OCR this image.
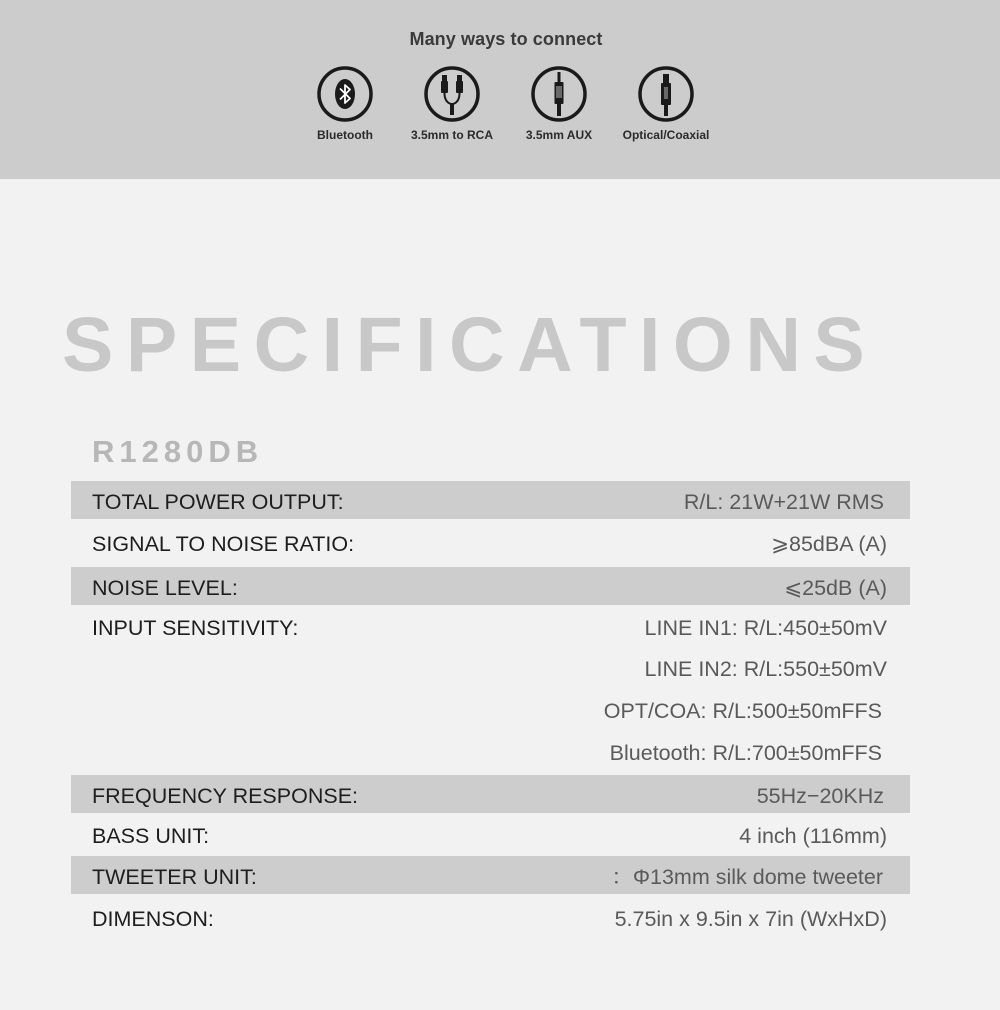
Many ways to connect
Bluetooth	3.5mm to RCA	3.5mm AUX	Optical/Coaxial
SPECIFICATIONS
R1280DB
TOTAL POWER OUTPUT:	R/L: 21W+21W RMS
SIGNAL TO NOISE RATIO:	⩾85dBA (A)
NOISE LEVEL:	⩽25dB (A)
INPUT SENSITIVITY:	LINE IN1: R/L:450±50mV
LINE IN2: R/L:550±50mV
OPT/COA: R/L:500±50mFFS
Bluetooth: R/L:700±50mFFS
FREQUENCY RESPONSE:	55Hz−20KHz
BASS UNIT:	4 inch (116mm)
TWEETER UNIT:	：Φ13mm silk dome tweeter
DIMENSON:	5.75in x 9.5in x 7in (WxHxD)
